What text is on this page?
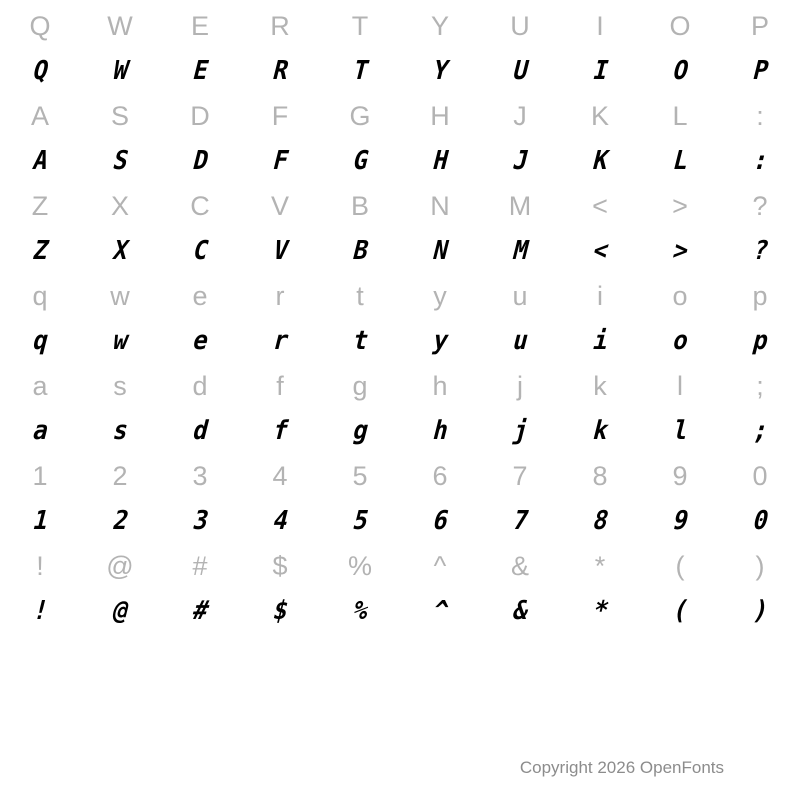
Q	W	E	R	T	Y	U	I	O	P
Q W E R T Y U I O P
A	S	D	F	G	H	J	K	L	:
A S D F G H J K L :
Z	X	C	V	B	N	M	<	>	?
Z X C V B N M < > ?
q	w	e	r	t	y	u	i	o	p
q w e r t y u i o p
a	s	d	f	g	h	j	k	l	;
a s d f g h j k l ;
1	2	3	4	5	6	7	8	9	0
1 2 3 4 5 6 7 8 9 0
!	@	#	$	%	^	&	*	(	)
! @ # $ % ^ & * ( )
Copyright 2026 OpenFonts
